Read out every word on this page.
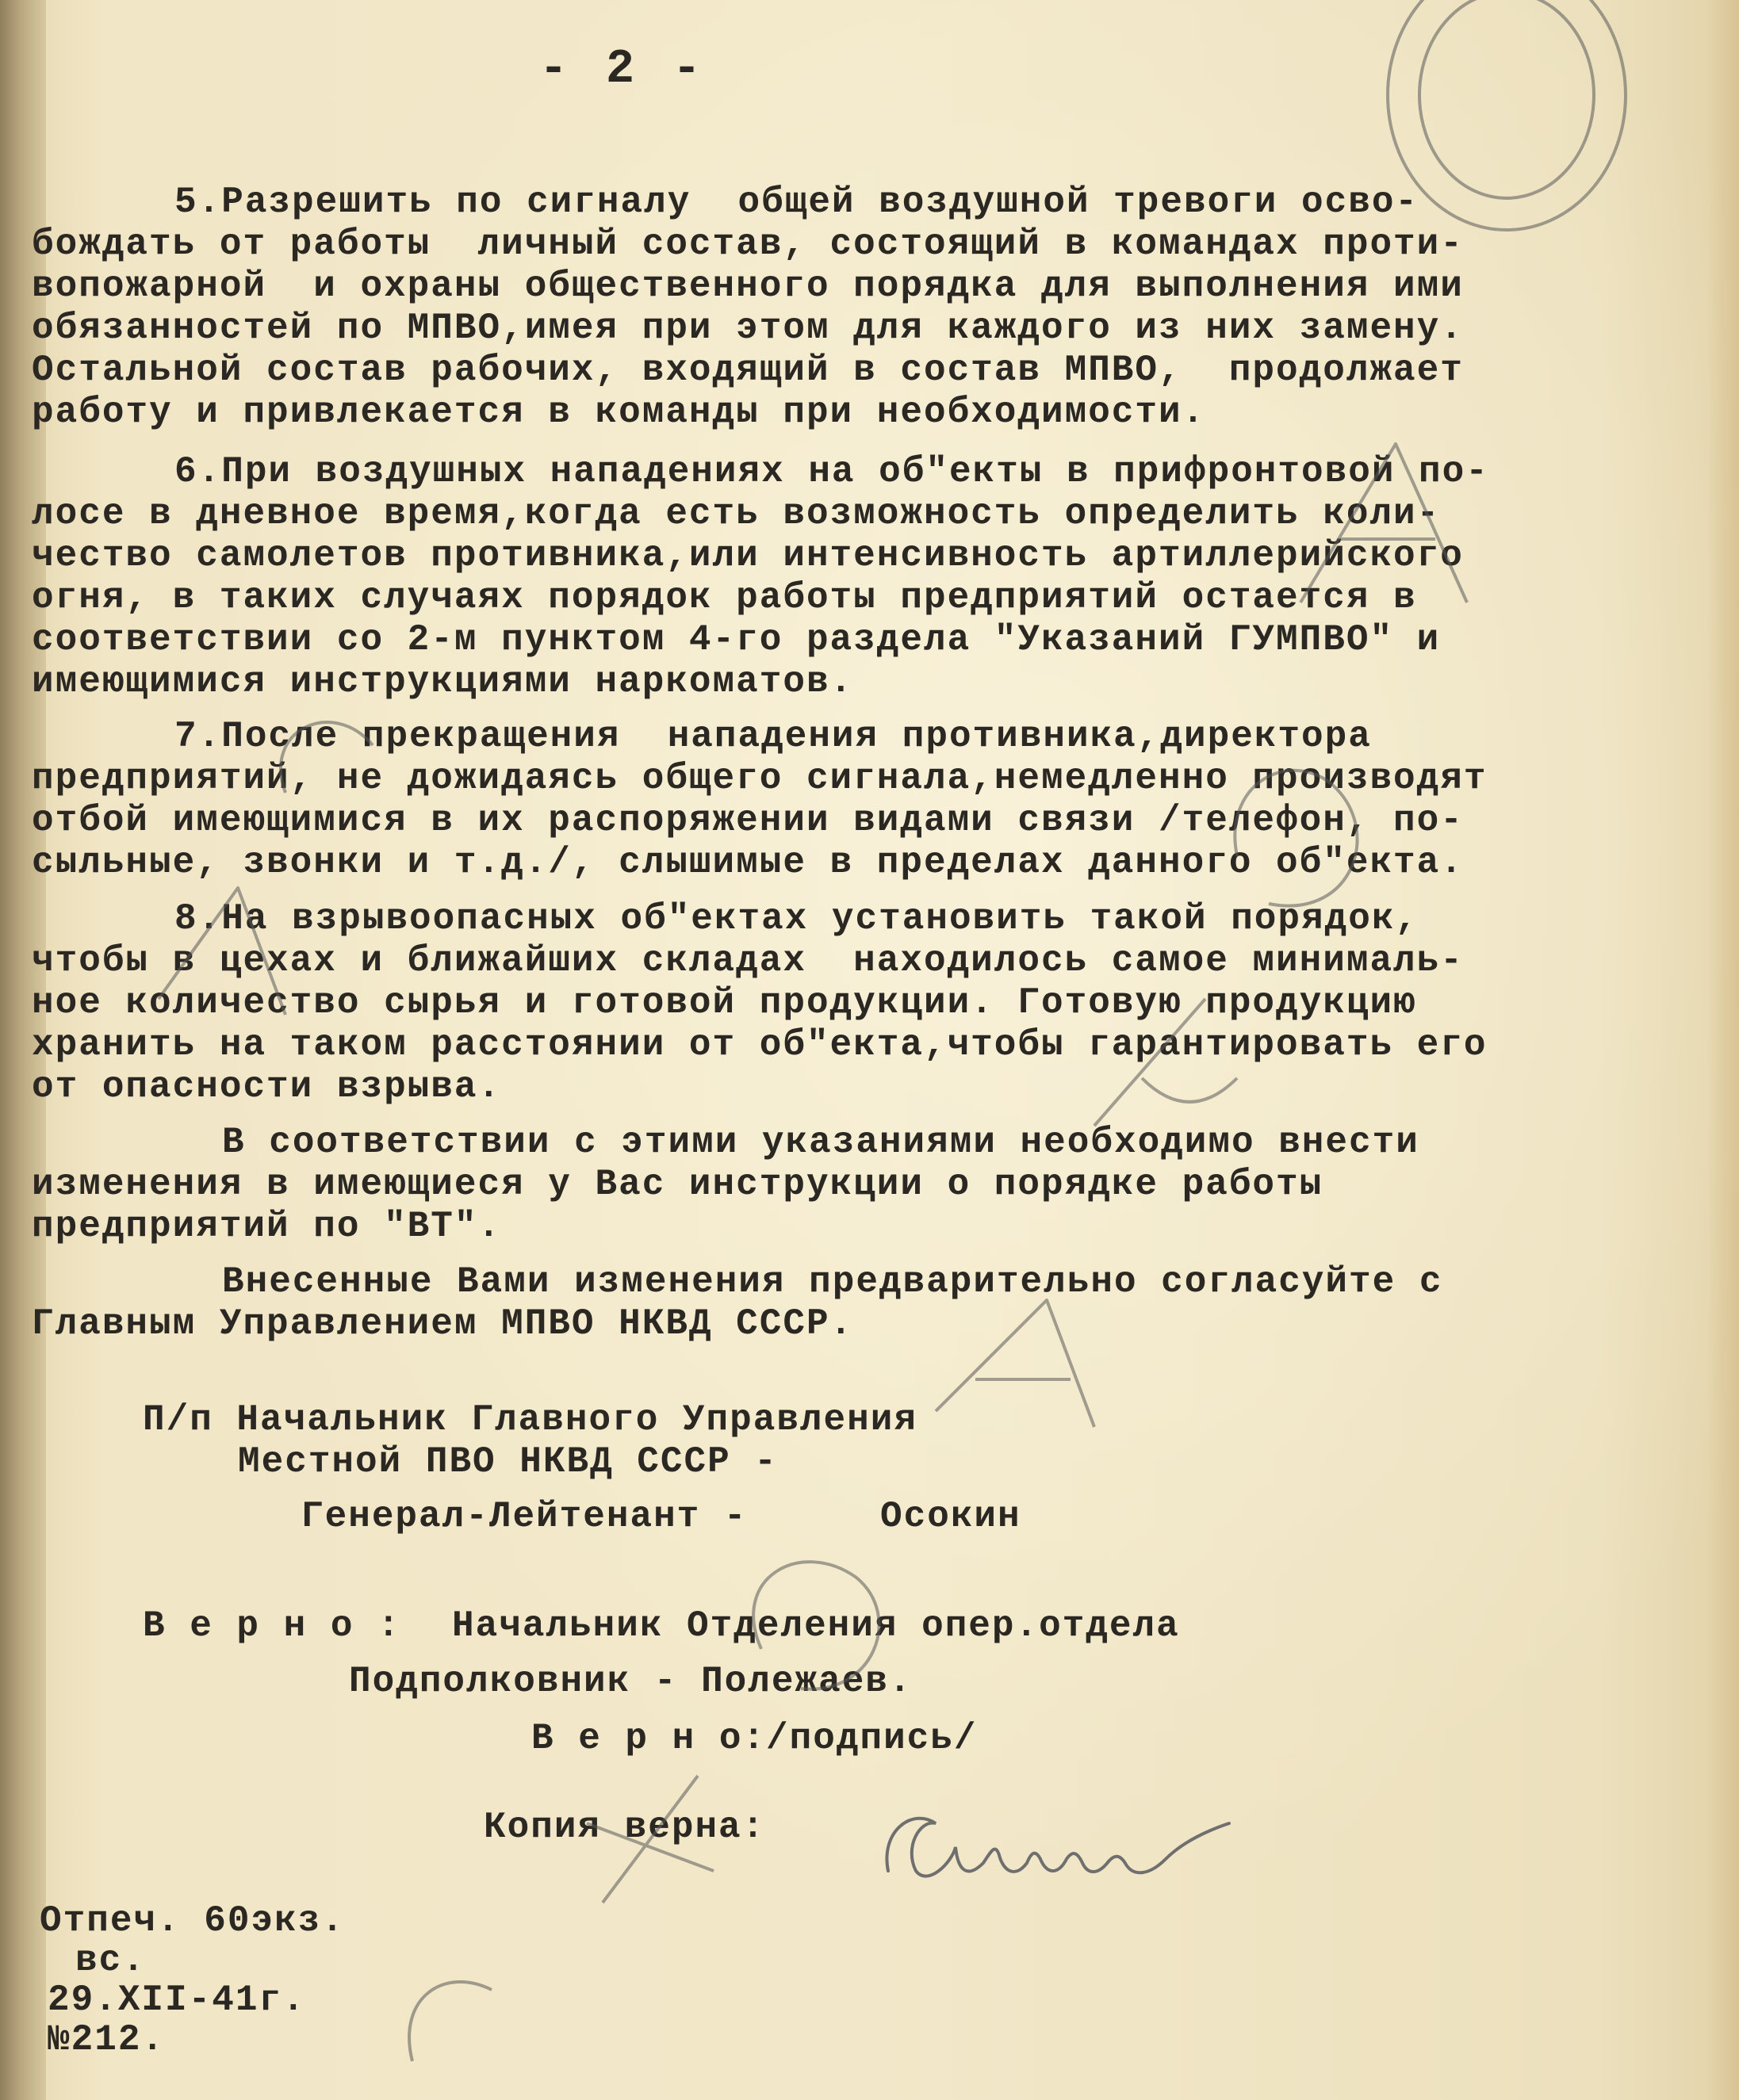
- 2 -
5.Разрешить по сигналу  общей воздушной тревоги осво-
бождать от работы  личный состав, состоящий в командах проти-
вопожарной  и охраны общественного порядка для выполнения ими
обязанностей по МПВО,имея при этом для каждого из них замену.
Остальной состав рабочих, входящий в состав МПВО,  продолжает
работу и привлекается в команды при необходимости.
6.При воздушных нападениях на об"екты в прифронтовой по-
лосе в дневное время,когда есть возможность определить коли-
чество самолетов противника,или интенсивность артиллерийского
огня, в таких случаях порядок работы предприятий остается в
соответствии со 2-м пунктом 4-го раздела "Указаний ГУМПВО" и
имеющимися инструкциями наркоматов.
7.После прекращения  нападения противника,директора
предприятий, не дожидаясь общего сигнала,немедленно производят
отбой имеющимися в их распоряжении видами связи /телефон, по-
сыльные, звонки и т.д./, слышимые в пределах данного об"екта.
8.На взрывоопасных об"ектах установить такой порядок,
чтобы в цехах и ближайших складах  находилось самое минималь-
ное количество сырья и готовой продукции. Готовую продукцию
хранить на таком расстоянии от об"екта,чтобы гарантировать его
от опасности взрыва.
В соответствии с этими указаниями необходимо внести
изменения в имеющиеся у Вас инструкции о порядке работы
предприятий по "ВТ".
Внесенные Вами изменения предварительно согласуйте с
Главным Управлением МПВО НКВД СССР.
П/п Начальник Главного Управления
Местной ПВО НКВД СССР -
Генерал-Лейтенант -	Осокин
В е р н о : Начальник Отделения опер.отдела
Подполковник - Полежаев.
В е р н о:/подпись/
Копия верна:
Отпеч. 60экз.
вс.
29.XII-41г.
№212.
